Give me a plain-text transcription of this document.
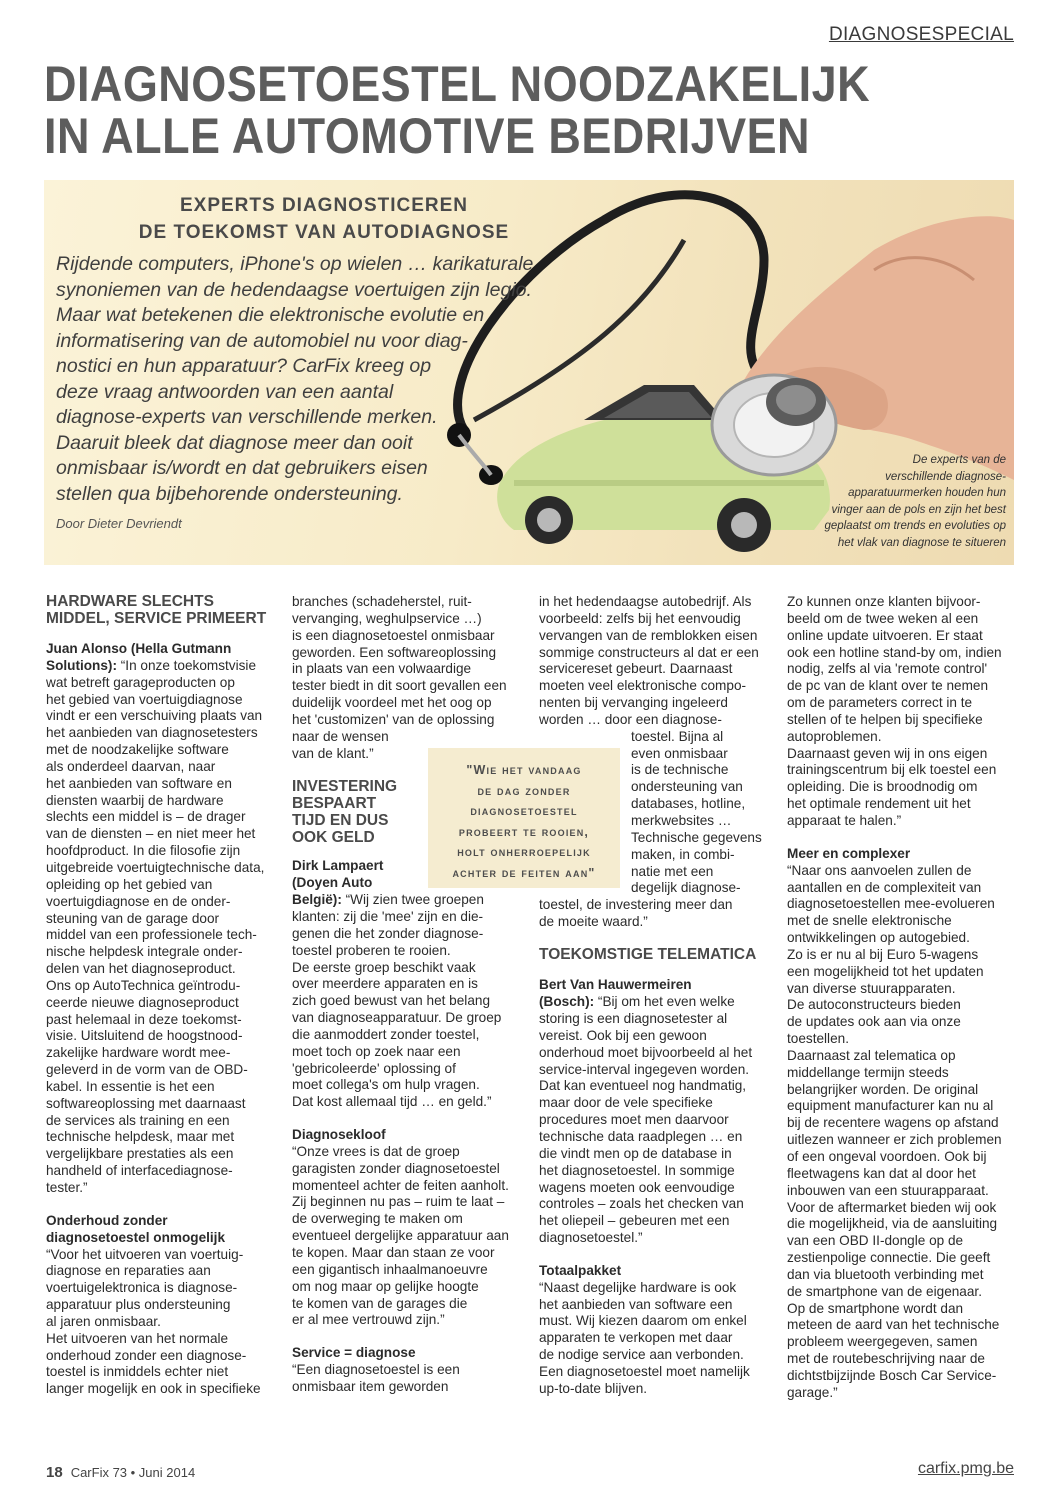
DIAGNOSESPECIAL
DIAGNOSETOESTEL NOODZAKELIJK
IN ALLE AUTOMOTIVE BEDRIJVEN
EXPERTS DIAGNOSTICEREN
DE TOEKOMST VAN AUTODIAGNOSE
Rijdende computers, iPhone's op wielen … karikaturale
synoniemen van de hedendaagse voertuigen zijn legio.
Maar wat betekenen die elektronische evolutie en
informatisering van de automobiel nu voor diag-
nostici en hun apparatuur? CarFix kreeg op
deze vraag antwoorden van een aantal
diagnose-experts van verschillende merken.
Daaruit bleek dat diagnose meer dan ooit
onmisbaar is/wordt en dat gebruikers eisen
stellen qua bijbehorende ondersteuning.
Door Dieter Devriendt
De experts van de
verschillende diagnose-
apparatuurmerken houden hun
vinger aan de pols en zijn het best
geplaatst om trends en evoluties op
het vlak van diagnose te situeren

HARDWARE SLECHTS
MIDDEL, SERVICE PRIMEERT

Juan Alonso (Hella Gutmann
Solutions): “In onze toekomstvisie
wat betreft garageproducten op
het gebied van voertuigdiagnose
vindt er een verschuiving plaats van
het aanbieden van diagnosetesters
met de noodzakelijke software
als onderdeel daarvan, naar
het aanbieden van software en
diensten waarbij de hardware
slechts een middel is – de drager
van de diensten – en niet meer het
hoofdproduct. In die filosofie zijn
uitgebreide voertuigtechnische data,
opleiding op het gebied van
voertuigdiagnose en de onder-
steuning van de garage door
middel van een professionele tech-
nische helpdesk integrale onder-
delen van het diagnoseproduct.
Ons op AutoTechnica geïntrodu-
ceerde nieuwe diagnoseproduct
past helemaal in deze toekomst-
visie. Uitsluitend de hoogstnood-
zakelijke hardware wordt mee-
geleverd in de vorm van de OBD-
kabel. In essentie is het een
softwareoplossing met daarnaast
de services als training en een
technische helpdesk, maar met
vergelijkbare prestaties als een
handheld of interfacediagnose-
tester.”

Onderhoud zonder
diagnosetoestel onmogelijk

“Voor het uitvoeren van voertuig-
diagnose en reparaties aan
voertuigelektronica is diagnose-
apparatuur plus ondersteuning
al jaren onmisbaar.
Het uitvoeren van het normale
onderhoud zonder een diagnose-
toestel is inmiddels echter niet
langer mogelijk en ook in specifieke

branches (schadeherstel, ruit-
vervanging, weghulpservice …)
is een diagnosetoestel onmisbaar
geworden. Een softwareoplossing
in plaats van een volwaardige
tester biedt in dit soort gevallen een
duidelijk voordeel met het oog op
het 'customizen' van de oplossing
naar de wensen
van de klant.”

INVESTERING
BESPAART
TIJD EN DUS
OOK GELD

Dirk Lampaert
(Doyen Auto
België): “Wij zien twee groepen
klanten: zij die 'mee' zijn en die-
genen die het zonder diagnose-
toestel proberen te rooien.
De eerste groep beschikt vaak
over meerdere apparaten en is
zich goed bewust van het belang
van diagnoseapparatuur. De groep
die aanmoddert zonder toestel,
moet toch op zoek naar een
'gebricoleerde' oplossing of
moet collega's om hulp vragen.
Dat kost allemaal tijd … en geld.”

Diagnosekloof

“Onze vrees is dat de groep
garagisten zonder diagnosetoestel
momenteel achter de feiten aanholt.
Zij beginnen nu pas – ruim te laat –
de overweging te maken om
eventueel dergelijke apparatuur aan
te kopen. Maar dan staan ze voor
een gigantisch inhaalmanoeuvre
om nog maar op gelijke hoogte
te komen van de garages die
er al mee vertrouwd zijn.”

Service = diagnose

“Een diagnosetoestel is een
onmisbaar item geworden

"Wie het vandaag
de dag zonder
diagnosetoestel
probeert te rooien,
holt onherroepelijk
achter de feiten aan"

in het hedendaagse autobedrijf. Als
voorbeeld: zelfs bij het eenvoudig
vervangen van de remblokken eisen
sommige constructeurs al dat er een
servicereset gebeurt. Daarnaast
moeten veel elektronische compo-
nenten bij vervanging ingeleerd
worden … door een diagnose-

toestel. Bijna al
even onmisbaar
is de technische
ondersteuning van
databases, hotline,
merkwebsites …
Technische gegevens
maken, in combi-
natie met een
degelijk diagnose-

toestel, de investering meer dan
de moeite waard.”

TOEKOMSTIGE TELEMATICA

Bert Van Hauwermeiren
(Bosch): “Bij om het even welke
storing is een diagnosetester al
vereist. Ook bij een gewoon
onderhoud moet bijvoorbeeld al het
service-interval ingegeven worden.
Dat kan eventueel nog handmatig,
maar door de vele specifieke
procedures moet men daarvoor
technische data raadplegen … en
die vindt men op de database in
het diagnosetoestel. In sommige
wagens moeten ook eenvoudige
controles – zoals het checken van
het oliepeil – gebeuren met een
diagnosetoestel.”

Totaalpakket

“Naast degelijke hardware is ook
het aanbieden van software een
must. Wij kiezen daarom om enkel
apparaten te verkopen met daar
de nodige service aan verbonden.
Een diagnosetoestel moet namelijk
up-to-date blijven.

Zo kunnen onze klanten bijvoor-
beeld om de twee weken al een
online update uitvoeren. Er staat
ook een hotline stand-by om, indien
nodig, zelfs al via 'remote control'
de pc van de klant over te nemen
om de parameters correct in te
stellen of te helpen bij specifieke
autoproblemen.
Daarnaast geven wij in ons eigen
trainingscentrum bij elk toestel een
opleiding. Die is broodnodig om
het optimale rendement uit het
apparaat te halen.”

Meer en complexer

“Naar ons aanvoelen zullen de
aantallen en de complexiteit van
diagnosetoestellen mee-evolueren
met de snelle elektronische
ontwikkelingen op autogebied.
Zo is er nu al bij Euro 5-wagens
een mogelijkheid tot het updaten
van diverse stuurapparaten.
De autoconstructeurs bieden
de updates ook aan via onze
toestellen.
Daarnaast zal telematica op
middellange termijn steeds
belangrijker worden. De original
equipment manufacturer kan nu al
bij de recentere wagens op afstand
uitlezen wanneer er zich problemen
of een ongeval voordoen. Ook bij
fleetwagens kan dat al door het
inbouwen van een stuurapparaat.
Voor de aftermarket bieden wij ook
die mogelijkheid, via de aansluiting
van een OBD II-dongle op de
zestienpolige connectie. Die geeft
dan via bluetooth verbinding met
de smartphone van de eigenaar.
Op de smartphone wordt dan
meteen de aard van het technische
probleem weergegeven, samen
met de routebeschrijving naar de
dichtstbijzijnde Bosch Car Service-
garage.”

18 CarFix 73 • Juni 2014	carfix.pmg.be
